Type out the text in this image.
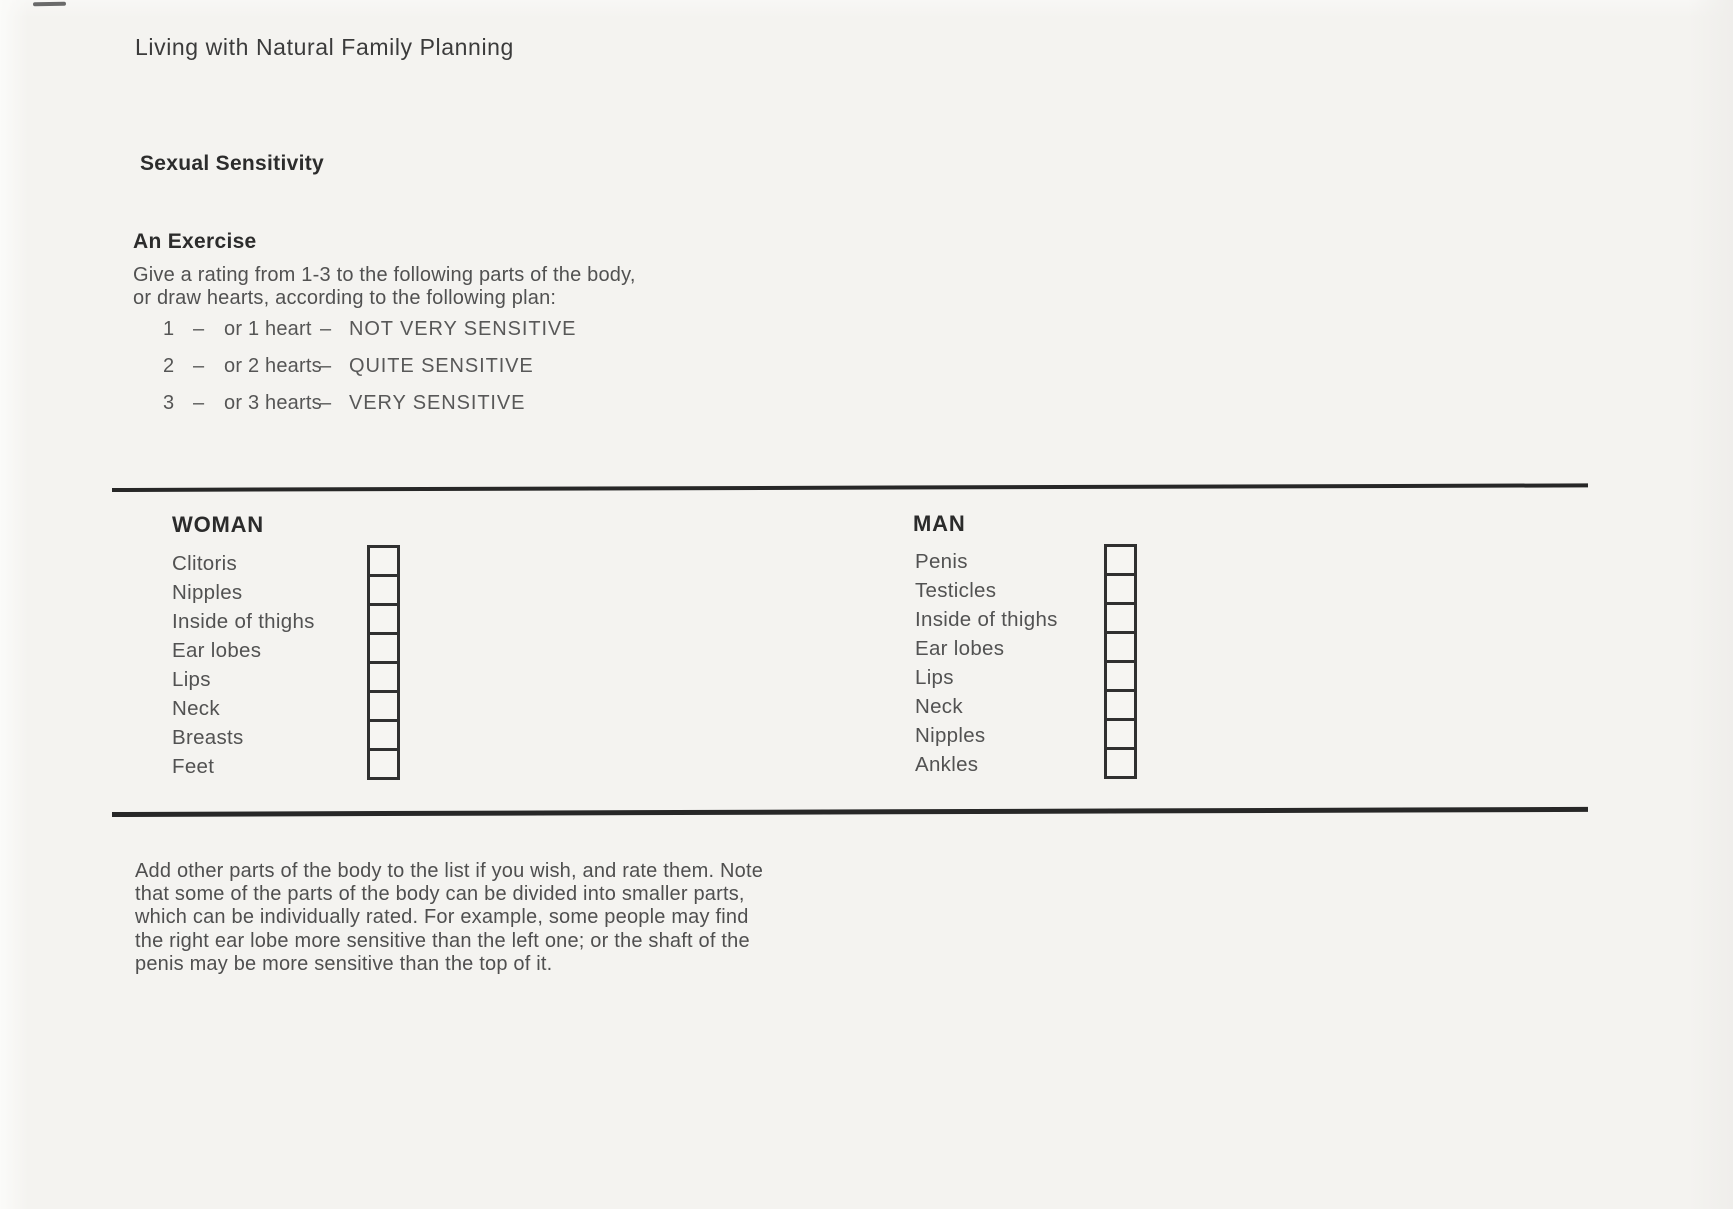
Living with Natural Family Planning
Sexual Sensitivity
An Exercise
Give a rating from 1-3 to the following parts of the body,
or draw hearts, according to the following plan:
1 – or 1 heart – NOT VERY SENSITIVE
2 – or 2 hearts
– QUITE SENSITIVE
3 – or 3 hearts
– VERY SENSITIVE
WOMAN
Clitoris
Nipples
Inside of thighs
Ear lobes
Lips
Neck
Breasts
Feet
MAN
Penis
Testicles
Inside of thighs
Ear lobes
Lips
Neck
Nipples
Ankles
Add other parts of the body to the list if you wish, and rate them. Note
that some of the parts of the body can be divided into smaller parts,
which can be individually rated. For example, some people may find
the right ear lobe more sensitive than the left one; or the shaft of the
penis may be more sensitive than the top of it.
